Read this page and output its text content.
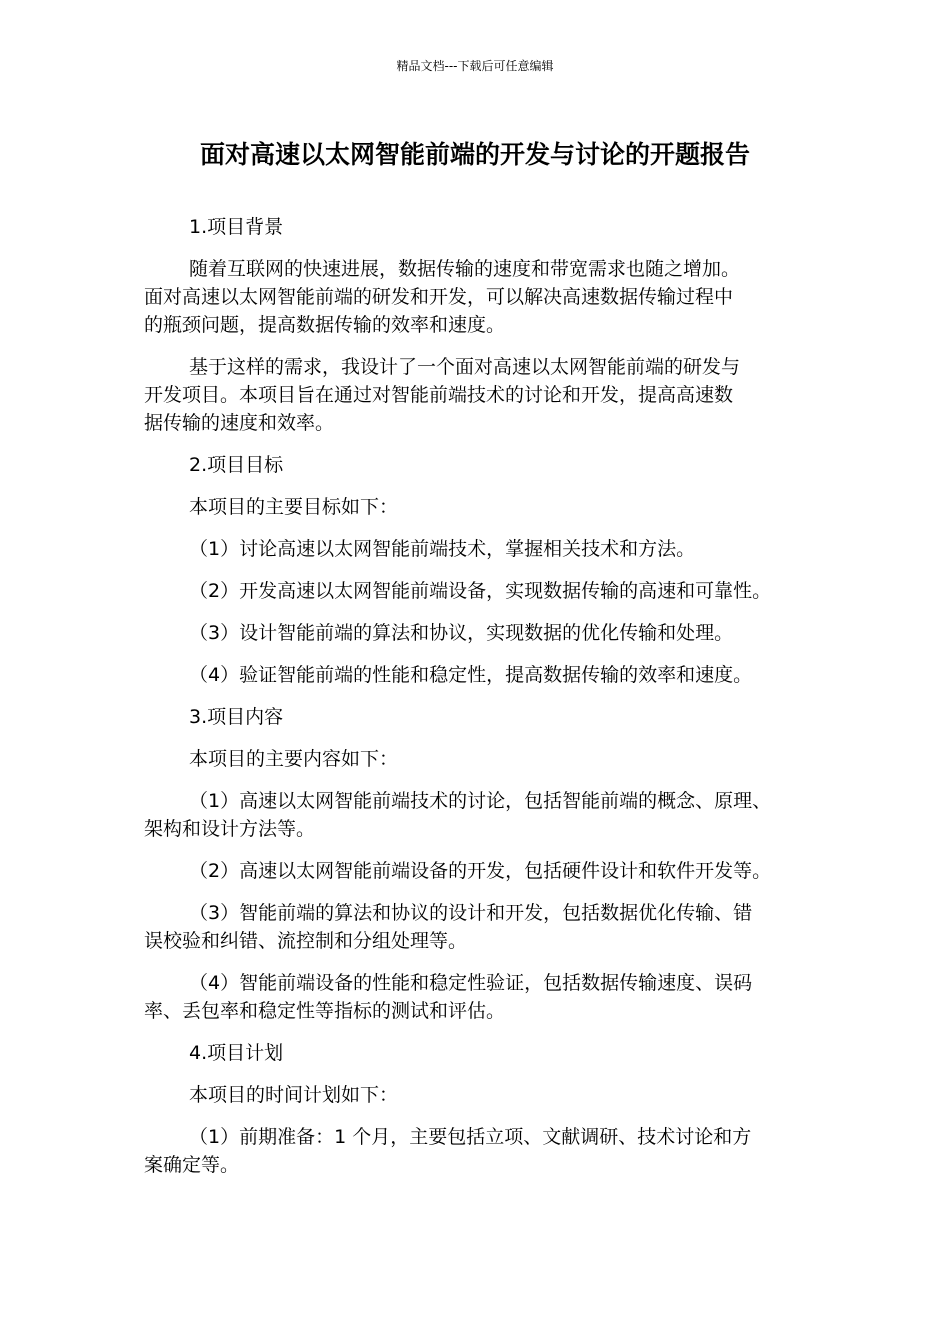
精品文档---下载后可任意编辑
面对高速以太网智能前端的开发与讨论的开题报告

1.项目背景

随着互联网的快速进展，数据传输的速度和带宽需求也随之增加。
面对高速以太网智能前端的研发和开发，可以解决高速数据传输过程中
的瓶颈问题，提高数据传输的效率和速度。

基于这样的需求，我设计了一个面对高速以太网智能前端的研发与
开发项目。本项目旨在通过对智能前端技术的讨论和开发，提高高速数
据传输的速度和效率。

2.项目目标

本项目的主要目标如下：

（1）讨论高速以太网智能前端技术，掌握相关技术和方法。

（2）开发高速以太网智能前端设备，实现数据传输的高速和可靠性。

（3）设计智能前端的算法和协议，实现数据的优化传输和处理。

（4）验证智能前端的性能和稳定性，提高数据传输的效率和速度。

3.项目内容

本项目的主要内容如下：

（1）高速以太网智能前端技术的讨论，包括智能前端的概念、原理、
架构和设计方法等。

（2）高速以太网智能前端设备的开发，包括硬件设计和软件开发等。

（3）智能前端的算法和协议的设计和开发，包括数据优化传输、错
误校验和纠错、流控制和分组处理等。

（4）智能前端设备的性能和稳定性验证，包括数据传输速度、误码
率、丢包率和稳定性等指标的测试和评估。

4.项目计划

本项目的时间计划如下：

（1）前期准备：1 个月，主要包括立项、文献调研、技术讨论和方
案确定等。
